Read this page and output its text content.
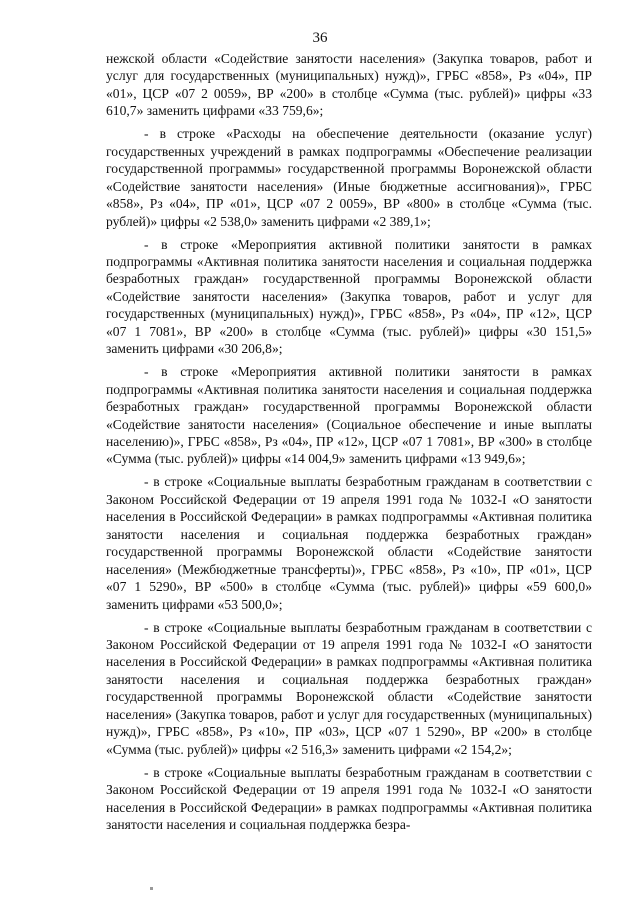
36

нежской области «Содействие занятости населения» (Закупка товаров, работ и услуг для государственных (муниципальных) нужд)», ГРБС «858», Рз «04», ПР «01», ЦСР «07 2 0059», ВР «200» в столбце «Сумма (тыс. рублей)» цифры «33 610,7» заменить цифрами «33 759,6»;

- в строке «Расходы на обеспечение деятельности (оказание услуг) государственных учреждений в рамках подпрограммы «Обеспечение реализации государственной программы» государственной программы Воронежской области «Содействие занятости населения» (Иные бюджетные ассигнования)», ГРБС «858», Рз «04», ПР «01», ЦСР «07 2 0059», ВР «800» в столбце «Сумма (тыс. рублей)» цифры «2 538,0» заменить цифрами «2 389,1»;

- в строке «Мероприятия активной политики занятости в рамках подпрограммы «Активная политика занятости населения и социальная поддержка безработных граждан» государственной программы Воронежской области «Содействие занятости населения» (Закупка товаров, работ и услуг для государственных (муниципальных) нужд)», ГРБС «858», Рз «04», ПР «12», ЦСР «07 1 7081», ВР «200» в столбце «Сумма (тыс. рублей)» цифры «30 151,5» заменить цифрами «30 206,8»;

- в строке «Мероприятия активной политики занятости в рамках подпрограммы «Активная политика занятости населения и социальная поддержка безработных граждан» государственной программы Воронежской области «Содействие занятости населения» (Социальное обеспечение и иные выплаты населению)», ГРБС «858», Рз «04», ПР «12», ЦСР «07 1 7081», ВР «300» в столбце «Сумма (тыс. рублей)» цифры «14 004,9» заменить цифрами «13 949,6»;

- в строке «Социальные выплаты безработным гражданам в соответствии с Законом Российской Федерации от 19 апреля 1991 года № 1032-I «О занятости населения в Российской Федерации» в рамках подпрограммы «Активная политика занятости населения и социальная поддержка безработных граждан» государственной программы Воронежской области «Содействие занятости населения» (Межбюджетные трансферты)», ГРБС «858», Рз «10», ПР «01», ЦСР «07 1 5290», ВР «500» в столбце «Сумма (тыс. рублей)» цифры «59 600,0» заменить цифрами «53 500,0»;

- в строке «Социальные выплаты безработным гражданам в соответствии с Законом Российской Федерации от 19 апреля 1991 года № 1032-I «О занятости населения в Российской Федерации» в рамках подпрограммы «Активная политика занятости населения и социальная поддержка безработных граждан» государственной программы Воронежской области «Содействие занятости населения» (Закупка товаров, работ и услуг для государственных (муниципальных) нужд)», ГРБС «858», Рз «10», ПР «03», ЦСР «07 1 5290», ВР «200» в столбце «Сумма (тыс. рублей)» цифры «2 516,3» заменить цифрами «2 154,2»;

- в строке «Социальные выплаты безработным гражданам в соответствии с Законом Российской Федерации от 19 апреля 1991 года № 1032-I «О занятости населения в Российской Федерации» в рамках подпрограммы «Активная политика занятости населения и социальная поддержка безра-
